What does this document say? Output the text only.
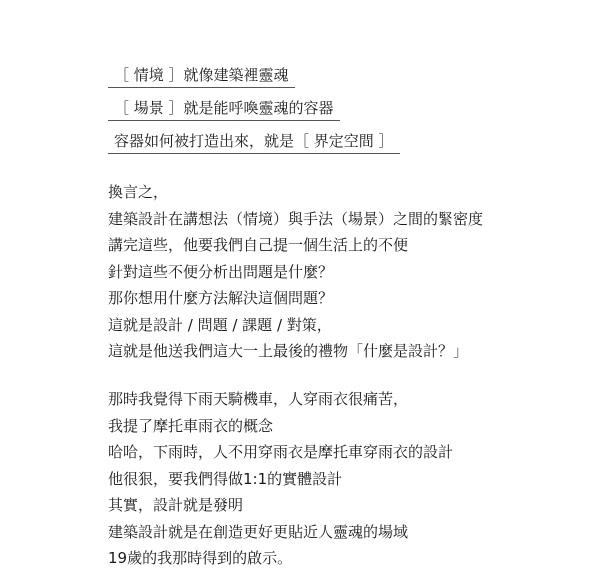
［ 情境 ］就像建築裡靈魂
［ 場景 ］就是能呼喚靈魂的容器
容器如何被打造出來，就是［ 界定空間 ］
換言之，
建築設計在講想法（情境）與手法（場景）之間的緊密度
講完這些，他要我們自己提一個生活上的不便
針對這些不便分析出問題是什麼？
那你想用什麼方法解決這個問題？
這就是設計 / 問題 / 課題 / 對策，
這就是他送我們這大一上最後的禮物「什麼是設計？」
那時我覺得下雨天騎機車，人穿雨衣很痛苦，
我提了摩托車雨衣的概念
哈哈，下雨時，人不用穿雨衣是摩托車穿雨衣的設計
他很狠，要我們得做1:1的實體設計
其實，設計就是發明
建築設計就是在創造更好更貼近人靈魂的場域
19歲的我那時得到的啟示。
